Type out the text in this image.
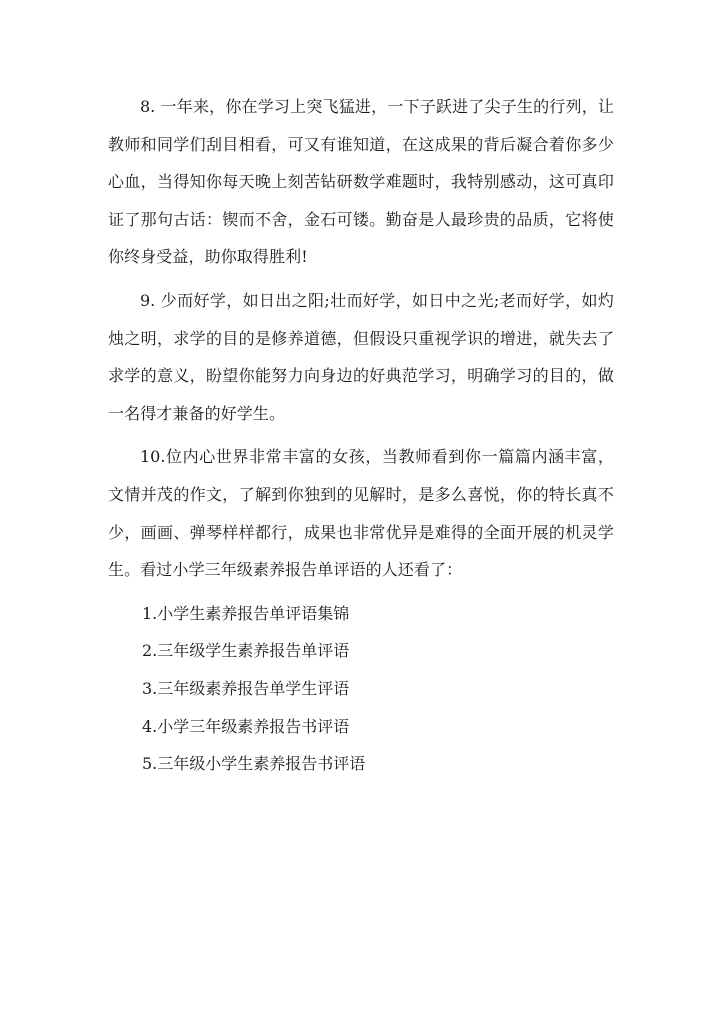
8. 一年来，你在学习上突飞猛进，一下子跃进了尖子生的行列，让教师和同学们刮目相看，可又有谁知道，在这成果的背后凝合着你多少心血，当得知你每天晚上刻苦钻研数学难题时，我特别感动，这可真印证了那句古话：锲而不舍，金石可镂。勤奋是人最珍贵的品质，它将使你终身受益，助你取得胜利!

9. 少而好学，如日出之阳;壮而好学，如日中之光;老而好学，如灼烛之明，求学的目的是修养道德，但假设只重视学识的增进，就失去了求学的意义，盼望你能努力向身边的好典范学习，明确学习的目的，做一名得才兼备的好学生。

10.位内心世界非常丰富的女孩，当教师看到你一篇篇内涵丰富，文情并茂的作文，了解到你独到的见解时，是多么喜悦，你的特长真不少，画画、弹琴样样都行，成果也非常优异是难得的全面开展的机灵学生。看过小学三年级素养报告单评语的人还看了：

1.小学生素养报告单评语集锦
2.三年级学生素养报告单评语
3.三年级素养报告单学生评语
4.小学三年级素养报告书评语
5.三年级小学生素养报告书评语
